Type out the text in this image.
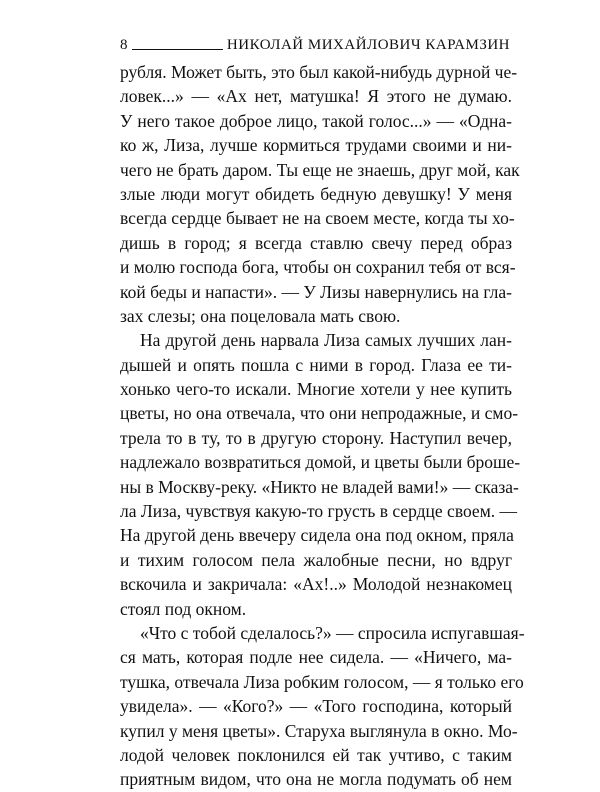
8	НИКОЛАЙ МИХАЙЛОВИЧ КАРАМЗИН
рубля. Может быть, это был какой-нибудь дурной че-
ловек...» — «Ах нет, матушка! Я этого не думаю.
У него такое доброе лицо, такой голос...» — «Одна-
ко ж, Лиза, лучше кормиться трудами своими и ни-
чего не брать даром. Ты еще не знаешь, друг мой, как
злые люди могут обидеть бедную девушку! У меня
всегда сердце бывает не на своем месте, когда ты хо-
дишь в город; я всегда ставлю свечу перед образ
и молю господа бога, чтобы он сохранил тебя от вся-
кой беды и напасти». — У Лизы навернулись на гла-
зах слезы; она поцеловала мать свою.
На другой день нарвала Лиза самых лучших лан-
дышей и опять пошла с ними в город. Глаза ее ти-
хонько чего-то искали. Многие хотели у нее купить
цветы, но она отвечала, что они непродажные, и смо-
трела то в ту, то в другую сторону. Наступил вечер,
надлежало возвратиться домой, и цветы были броше-
ны в Москву-реку. «Никто не владей вами!» — сказа-
ла Лиза, чувствуя какую-то грусть в сердце своем. —
На другой день ввечеру сидела она под окном, пряла
и тихим голосом пела жалобные песни, но вдруг
вскочила и закричала: «Ах!..» Молодой незнакомец
стоял под окном.
«Что с тобой сделалось?» — спросила испугавшая-
ся мать, которая подле нее сидела. — «Ничего, ма-
тушка, отвечала Лиза робким голосом, — я только его
увидела». — «Кого?» — «Того господина, который
купил у меня цветы». Старуха выглянула в окно. Мо-
лодой человек поклонился ей так учтиво, с таким
приятным видом, что она не могла подумать об нем
